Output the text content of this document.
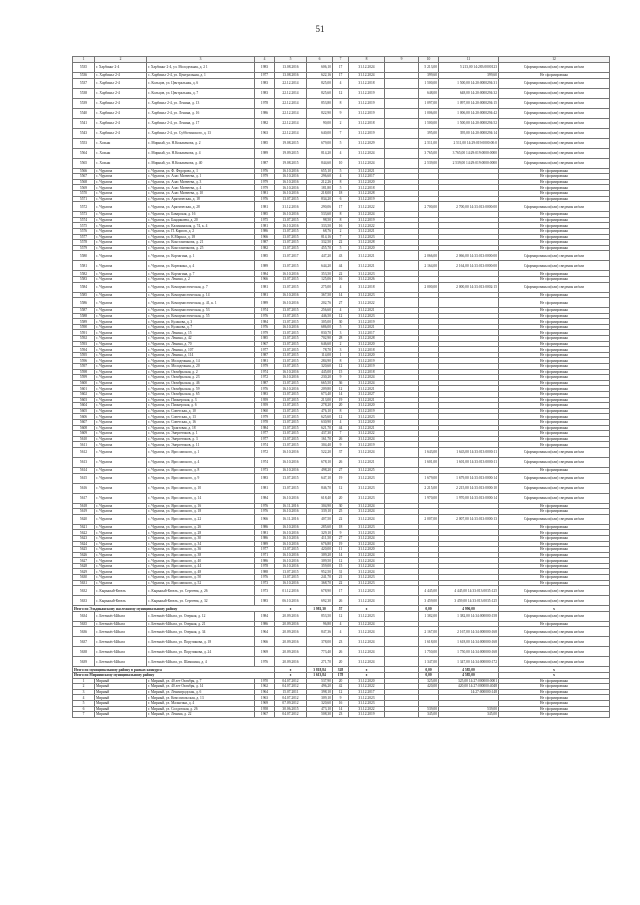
51
1	2	3	4	5	6	7	8	9	10	11	12
5535	г. Харбиньг 2-4	г. Харбиньг 2-4, ул. Молодежная, д. 2 1	1983	13.08.2016	606,10	17	31.12.2024		5 213,00	5 213,00 14:283:0000123	Сформированы и(или) сведения не/или
5536	с. Харбиньг 2-4	с. Харбиньг 2-4, ул. Центральная, д. 1	1977	13.08.2016	622,16	17	31.12.2024		399,60	399,60	Не сформированы
5537	с. Харбиньг 2-4	с. Кольцов, ул. Центральная, д. 6	1983	22.12.2014	825,00	4	31.12.2018		1 500,00	1 500,00 14:20:0000294:31	Сформированы и(или) сведения не/или
5538	с. Харбиньг 2-4	с. Кольцов, ул. Центральная, д. 7	1983	22.12.2014	825,60	12	31.12.2019		648,00	648,00 14:20:0000294:32	Сформированы и(или) сведения не/или
5539	с. Харбиньг 2-4	с. Харбиньг 2-4, ул. Ленина, д. 13	1978	22.12.2014	853,80	8	31.12.2019		1 097,00	1 097,00 14:20:0000294:15	Сформированы и(или) сведения не/или
5540	с. Харбиньг 2-4	с. Харбиньг 2-4, ул. Ленина, д. 16	1986	22.12.2014	822,90	9	31.12.2019		1 006,00	1 006,00 14:20:0000294:42	Сформированы и(или) сведения не/или
5541	с. Харбиньг 2-4	с. Харбиньг 2-4, ул. Ленина, д. 17	1982	22.12.2014	90,00	2	31.12.2018		1 500,00	1 500,00 14:20:0000294:52	Сформированы и(или) сведения не/или
5543	с. Харбиньг 2-4	с. Харбиньг 2-4, ул. Субботинского, д. 13	1963	22.12.2014	640,00	7	31.12.2019		395,00	395,00 14:20:0000294:14	Сформированы и(или) сведения не/или
5553	с. Хохьяк	с. Мирный, ул. Н.Кожакенова, д. 2	1985	19.08.2015	679,00	5	31.12.2029		2 511,00	2 511,00 14:29:019:0000:00:0	Сформированы и(или) сведения не/или
5564	с. Хохьяк	с. Мирный, ул. Н.Кожакенова, д. 4	1989	19.09.2015	814,20	4	31.12.2024		3 765,00	3 765,00 14:29:019:0000:0000	Сформированы и(или) сведения не/или
5565	с. Хохьяк	с. Мирный, ул. Н.Кожакенова, д. 40	1987	19.08.2015	844,60	10	31.12.2024		2 539,00	2 539,00 14:29:019:0000:0000	Сформированы и(или) сведения не/или
5566	с. Чурапча	с. Чурапча, ул. Ф. Федорова, д. 1	1976	16.10.2016	655,10	5	31.12.2021				Не сформированы
5567	с. Чурапча	с. Чурапча, ул. Алас Матвеева, д. 1	1979	16.10.2016	296,60	4	31.12.2017				Не сформированы
5568	с. Чурапча	с. Чурапча, ул. Алас Матвеева, д. 3	1979	16.10.2016	212,26	8	31.12.2020				Не сформированы
5569	с. Чурапча	с. Чурапча, ул. Алас Матвеева, д. 4	1979	16.10.2016	181,80	5	31.12.2018				Не сформированы
5570	с. Чурапча	с. Чурапча, ул. Алас Матвеева, д. 10	1981	16.10.2016	218,00	18	31.12.2028				Не сформированы
5571	с. Чурапча	с. Чурапча, ул. Арктическая, д. 18	1976	13.07.2015	834,20	6	31.12.2019				Не сформированы
5572	с. Чурапча	с. Чурапча, ул. Арктическая, д. 28	1981	31.12.2016	290,06	17	31.12.2022		2 700,00	2 700,00 14:33:013:0000:00	Сформированы и(или) сведения не/или
5573	с. Чурапча	с. Чурапча, ул. Баварская, д. 16	1985	16.10.2016	533,60	8	31.12.2024				Не сформированы
5574	с. Чурапча	с. Чурапча, ул. Бандикаева, д. 20	1975	13.07.2015	98,50	8	31.12.2019				Не сформированы
5575	с. Чурапча	с. Чурапча, ул. Калининская, д. 74, к. 4	1981	16.10.2016	333,50	16	31.12.2022				Не сформированы
5576	с. Чурапча	с. Чурапча, ул. П. Карпов, д. 2	1986	13.07.2015	68,76	2	31.12.2021				Не сформированы
5577	с. Чурапча	с. Чурапча, ул. К.Маркса, д. 18	1966	13.07.2015	814,16	7	31.12.2023				Не сформированы
5578	с. Чурапча	с. Чурапча, ул. Константинова, д. 21	1987	13.07.2015	332,50	22	31.12.2028				Не сформированы
5579	с. Чурапча	с. Чурапча, ул. Константинова, д. 25	1982	13.07.2015	455,70	5	31.12.2020				Не сформированы
5580	с. Чурапча	с. Чурапча, ул. Корчагина, д. 1	1985	13.07.2017	447,20	43	31.12.2021		2 066,00	2 066,00 14:33:013:0000:00	Сформированы и(или) сведения не/или
5581	с. Чурапча	с. Чурапча, ул. Корюкина, д. 4	1989	13.07.2015	644,20	44	31.12.2021		2 164,00	2 164,00 14:33:013:0000:00	Сформированы и(или) сведения не/или
5582	с. Чурапча	с. Чурапча, ул. Корчагина, д. 7	1984	16.10.2016	353,50	22	31.12.2023				Не сформированы
5583	с. Чурапча	с. Чурапча, ул. Ленина, д. 2	1966	13.07.2015	125,06	16	31.12.2026				Не сформированы
5584	с. Чурапча	с. Чурапча, ул. Коммунистическая, д. 7	1981	13.07.2015	275,00	4	31.12.2018		2 000,00	2 000,00 14:33:013:0002:15	Сформированы и(или) сведения не/или
5585	с. Чурапча	с. Чурапча, ул. Коммунистическая, д. 14	1981	16.10.2016	367,50	14	31.12.2023				Не сформированы
5586	с. Чурапча	с. Чурапча, ул. Коммунистическая, д. 41, к. 1	1989	16.10.2016	202,76	27	31.12.2022				Не сформированы
5587	с. Чурапча	с. Чурапча, ул. Коммунистическая, д. 53	1974	13.07.2015	256,60	4	31.12.2021				Не сформированы
5588	с. Чурапча	с. Чурапча, ул. Коммунистическая, д. 55	1976	13.07.2015	446,50	12	31.12.2023				Не сформированы
5589	с. Чурапча	с. Чурапча, ул. Кулакова, д. 3	1984	13.07.2015	305,00	30	31.12.2019				Не сформированы
5590	с. Чурапча	с. Чурапча, ул. Кулакова, д. 7	1976	16.10.2016	686,00	5	31.12.2021				Не сформированы
5591	с. Чурапча	с. Чурапча, ул. Ленина, д. 15	1979	13.07.2015	830,70	3	31.12.2017				Не сформированы
5592	с. Чурапча	с. Чурапча, ул. Ленина, д. 42	1985	13.07.2015	702,90	28	31.12.2028				Не сформированы
5593	с. Чурапча	с. Чурапча, ул. Ленина, д. 70	1967	13.07.2015	646,60	2	31.12.2020				Не сформированы
5594	с. Чурапча	с. Чурапча, ул. Ленина, д. 107	1977	13.07.2015	78,70	3	31.12.2018				Не сформированы
5595	с. Чурапча	с. Чурапча, ул. Ленина, д. 114	1987	13.07.2015	114,00	1	31.12.2020				Не сформированы
5596	с. Чурапча	с. Чурапча, ул. Молодежная, д. 14	1981	13.07.2015	284,90	8	31.12.2019				Не сформированы
5597	с. Чурапча	с. Чурапча, ул. Молодежная, д. 20	1979	13.07.2015	320,60	12	31.12.2019				Не сформированы
5598	с. Чурапча	с. Чурапча, ул. Октябрьская, д. 2	1974	16.10.2016	445,00	15	31.12.2018				Не сформированы
5599	с. Чурапча	с. Чурапча, ул. Октябрьская, д. 23	1972	16.10.2016	230,20	9	31.12.2024				Не сформированы
5600	с. Чурапча	с. Чурапча, ул. Октябрьская, д. 46	1987	13.07.2015	665,50	36	31.12.2024				Не сформированы
5601	с. Чурапча	с. Чурапча, ул. Октябрьская, д. 59	1976	16.10.2016	209,80	12	31.12.2021				Не сформированы
5602	с. Чурапча	с. Чурапча, ул. Октябрьская, д. 65	1983	13.07.2015	673,40	14	31.12.2027				Не сформированы
5603	с. Чурапча	с. Чурапча, ул. Пионерская, д. 3	1959	13.07.2015	213,00	19	31.12.2021				Не сформированы
5604	с. Чурапча	с. Чурапча, ул. Пионерская, д. 6	1959	13.07.2015	278,20	20	31.12.2020				Не сформированы
5605	с. Чурапча	с. Чурапча, ул. Советская, д. 10	1960	13.07.2015	476,10	8	31.12.2019				Не сформированы
5606	с. Чурапча	с. Чурапча, ул. Советская, д. 13	1979	13.07.2015	625,60	12	31.12.2023				Не сформированы
5607	с. Чурапча	с. Чурапча, ул. Советская, д. 16	1978	13.07.2015	630,90	4	31.12.2020				Не сформированы
5608	с. Чурапча	с. Чурапча, ул. Трактовая, д. 18	1984	13.07.2015	621,70	44	31.12.2021				Не сформированы
5609	с. Чурапча	с. Чурапча, ул. Энергетиков, д. 1	1977	13.07.2015	437,30	7	31.12.2022				Не сформированы
5610	с. Чурапча	с. Чурапча, ул. Энергетиков, д. 3	1977	13.07.2015	161,70	26	31.12.2024				Не сформированы
5611	с. Чурапча	с. Чурапча, ул. Энергетиков, д. 11	1974	13.07.2015	304,40	9	31.12.2019				Не сформированы
5612	с. Чурапча	с. Чурапча, ул. Ярославского, д. 1	1972	16.10.2016	522,20	37	31.12.2024		1 643,00	1 643,00 14:33:013:0000:11	Сформированы и(или) сведения не/или
5613	с. Чурапча	с. Чурапча, ул. Ярославского, д. 4	1974	16.10.2016	678,10	26	31.12.2021		1 601,00	1 601,00 14:33:013:0000:11	Сформированы и(или) сведения не/или
5614	с. Чурапча	с. Чурапча, ул. Ярославского, д. 8	1973	16.10.2016	498,20	27	31.12.2025				Не сформированы
5615	с. Чурапча	с. Чурапча, ул. Ярославского, д. 9	1983	13.07.2015	647,10	19	31.12.2023		1 679,00	1 679,00 14:33:013:0000:14	Сформированы и(или) сведения не/или
5616	с. Чурапча	с. Чурапча, ул. Ярославского, д. 10	1981	13.07.2015	846,70	12	31.12.2023		2 215,00	2 215,00 14:33:013:0000:10	Сформированы и(или) сведения не/или
5617	с. Чурапча	с. Чурапча, ул. Ярославского, д. 14	1984	16.10.2016	618,40	20	31.12.2023		1 970,00	1 970,00 14:33:013:0000:14	Сформированы и(или) сведения не/или
5618	с. Чурапча	с. Чурапча, ул. Ярославского, д. 16	1976	16.11.2016	304,90	30	31.12.2024				Не сформированы
5619	с. Чурапча	с. Чурапча, ул. Ярославского, д. 18	1976	16.10.2016	339,10	25	31.12.2024				Не сформированы
5620	с. Чурапча	с. Чурапча, ул. Ярославского, д. 22	1966	16.11.2016	407,50	22	31.12.2024		2 007,00	2 007,00 14:33:013:0000:13	Сформированы и(или) сведения не/или
5621	с. Чурапча	с. Чурапча, ул. Ярославского, д. 26	1986	16.10.2016	285,60	18	31.12.2023				Не сформированы
5622	с. Чурапча	с. Чурапча, ул. Ярославского, д. 28	1981	16.10.2016	329,10	9	31.12.2023				Не сформированы
5623	с. Чурапча	с. Чурапча, ул. Ярославского, д. 30	1986	16.10.2016	411,50	27	31.12.2024				Не сформированы
5624	с. Чурапча	с. Чурапча, ул. Ярославского, д. 34	1989	16.10.2016	676,80	19	31.12.2024				Не сформированы
5625	с. Чурапча	с. Чурапча, ул. Ярославского, д. 36	1977	13.07.2015	420,00	11	31.12.2020				Не сформированы
5626	с. Чурапча	с. Чурапча, ул. Ярославского, д. 38	1971	16.10.2016	309,20	14	31.12.2024				Не сформированы
5627	с. Чурапча	с. Чурапча, ул. Ярославского, д. 40	1986	16.10.2016	309,50	12	31.12.2024				Не сформированы
5628	с. Чурапча	с. Чурапча, ул. Ярославского, д. 44	1978	16.10.2016	359,00	15	31.12.2024				Не сформированы
5629	с. Чурапча	с. Чурапча, ул. Ярославского, д. 48	1988	13.07.2015	952,50	31	31.12.2024				Не сформированы
5630	с. Чурапча	с. Чурапча, ул. Ярославского, д. 50	1976	13.07.2015	241,70	21	31.12.2023				Не сформированы
5631	с. Чурапча	с. Чурапча, ул. Ярославского, д. 52	1973	16.10.2016	368,70	22	31.12.2023				Не сформированы
5632	с. Кырыкый-Кюель	с. Кырыкый-Кюель, ул. Сергеева, д. 26	1973	01.12.2016	678,90	17	31.12.2023		4 445,00	4 445,00 14:33:013:0035:125	Сформированы и(или) сведения не/или
5633	с. Кырыкый-Кюель	с. Кырыкый-Кюель, ул. Сергеева, д. 32	1983	06.10.2016	692,30	26	31.12.2024		3 459,00	3 459,00 14:33:013:0035:125	Сформированы и(или) сведения не/или
Итого по Эльдиканскому наслежному муниципальному району				х	1 981,30	57	х		0,00	4 996,00	х
5634	с. Бетенкёс-Ыйыга	с. Бетенкёс-Ыйыга, ул. Озерная, д. 12	1984	20.09.2016	853,50	12	31.12.2023		1 382,00	1 382,00 14:34:000000:158	Сформированы и(или) сведения не/или
5635	с. Бетенкёс-Ыйыга	с. Бетенкёс-Ыйыга, ул. Озерная, д. 21	1986	20.09.2016	96,80	4	31.12.2024				Не сформированы
5636	с. Бетенкёс-Ыйыга	с. Бетенкёс-Ыйыга, ул. Озерная, д. 34	1964	20.09.2016	847,36	4	31.12.2024		2 167,00	2 167,00 14:34:000000:168	Сформированы и(или) сведения не/или
5637	с. Бетенкёс-Ыйыга	с. Бетенкёс-Ыйыга, ул. Поручикова, д. 18	1966	20.09.2016	378,00	23	31.12.2024		1 618,00	1 618,00 14:34:000000:168	Сформированы и(или) сведения не/или
5638	с. Бетенкёс-Ыйыга	с. Бетенкёс-Ыйыга, ул. Поручикова, д. 24	1969	20.09.2016	773,40	26	31.12.2024		1 750,00	1 750,00 14:34:000000:168	Сформированы и(или) сведения не/или
5639	с. Бетенкёс-Ыйыга	с. Бетенкёс-Ыйыга, ул. Шамшина, д. 4	1976	20.09.2016	271,70	20	31.12.2024		1 347,00	1 347,00 14:34:000000:172	Сформированы и(или) сведения не/или
Итого по муниципальному району в рамках конкурса				х	3 818,84	328	х		0,00	4 585,00	х
Итого по Мирнинскому муниципальному району				х	1 613,84	178	х		0,00	4 585,00	х
1	Мирный	г. Мирный, ул. 40 лет Октября, д. 7	1970	04.07.2012	537,90	20	31.12.2020		325,00	325,00 14:27:000000:0001	Не сформированы
2	Мирный	г. Мирный, ул. 40 лет Октября, д. 14	1962	04.07.2012	496,20	42	31.12.2022		420,00	420,00 14:27:000000:4048	Не сформированы
3	Мирный	г. Мирный, ул. Ленинградская, д. 6	1964	15.07.2011	398,10	12	31.12.2017			14:27:000000:148	Не сформированы
4	Мирный	г. Мирный, ул. Комсомольская, д. 13	1963	04.07.2012	309,10	9	31.12.2023				Не сформированы
5	Мирный	г. Мирный, ул. Малыгина, д. 4	1969	07.09.2012	320,60	16	31.12.2023				Не сформированы
6	Мирный	г. Мирный, ул. Солдатская, д. 26	1958	30.06.2015	473,10	14	31.12.2022		539,00	539,00	Не сформированы
7	Мирный	г. Мирный, ул. Ленина, д. 22	1967	04.07.2012	508,30	23	31.12.2019		345,00	345,00	Не сформированы
